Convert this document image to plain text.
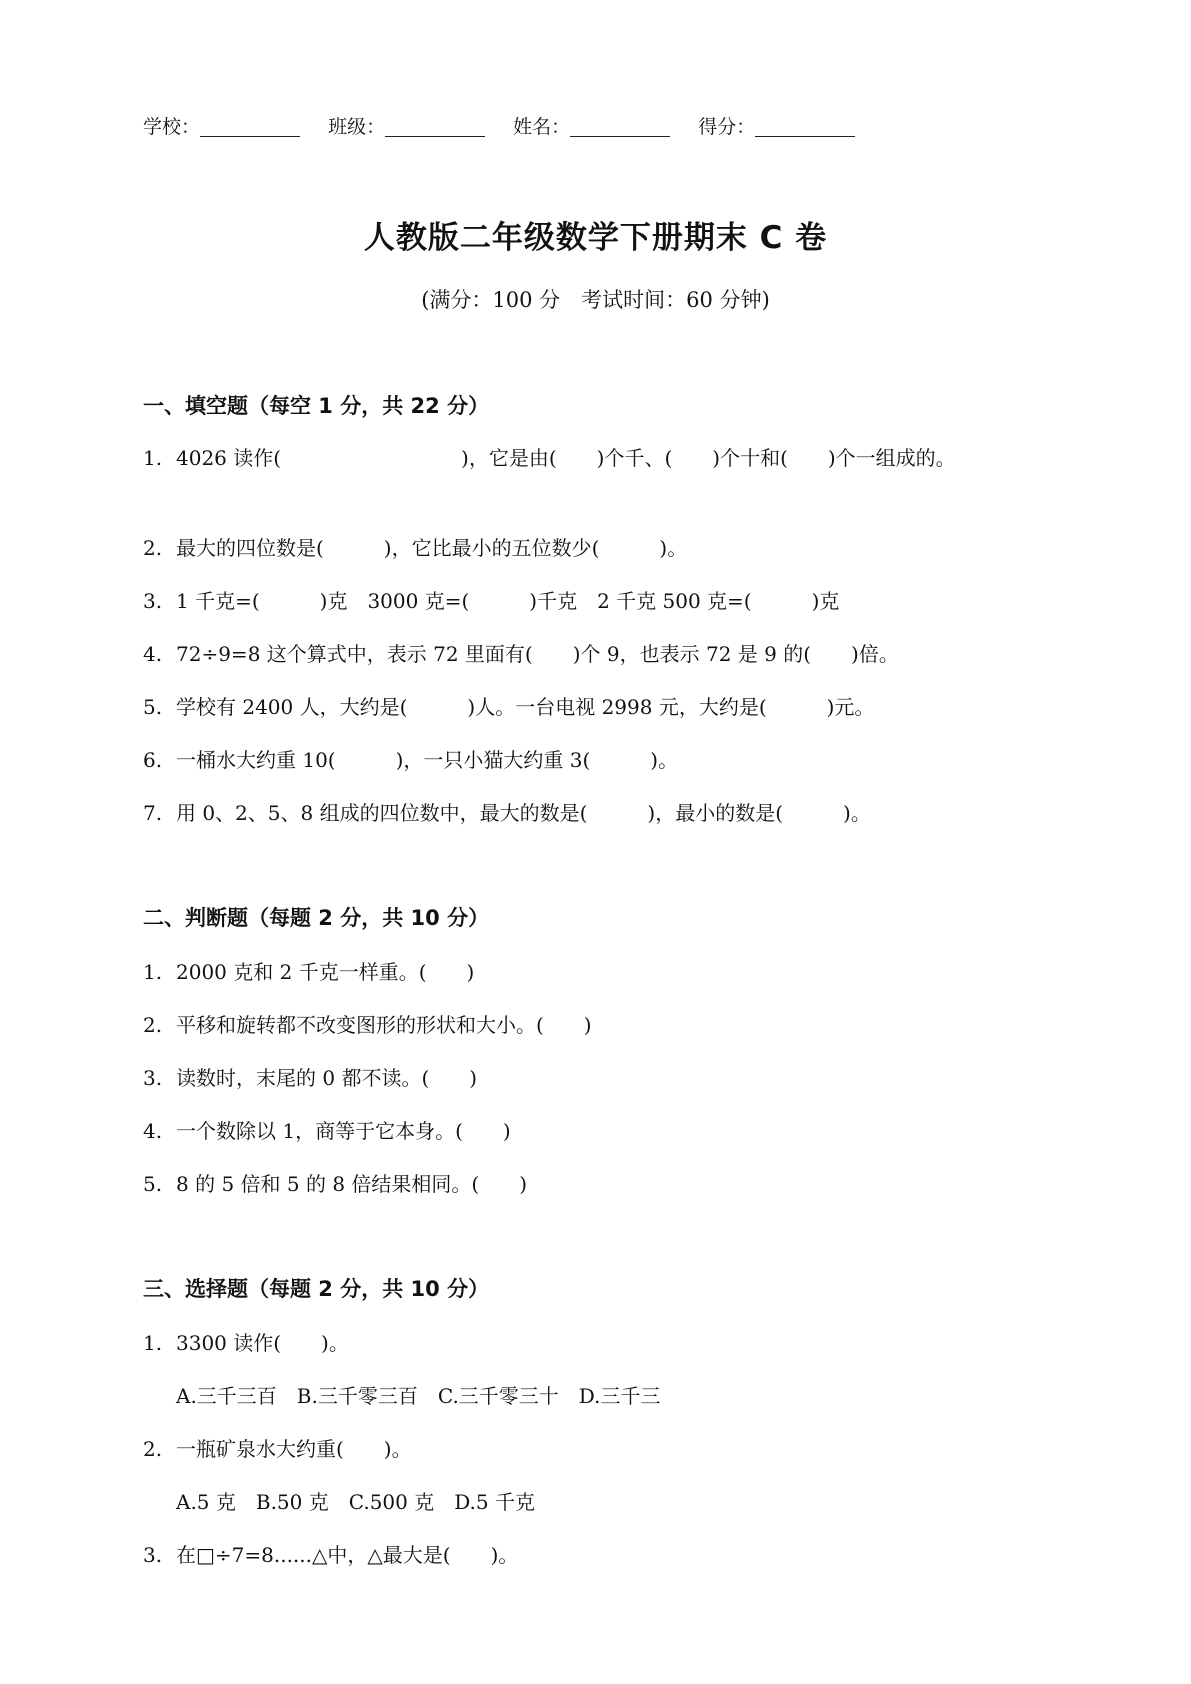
学校：	班级：	姓名：	得分：
人教版二年级数学下册期末 C 卷
(满分：100 分　考试时间：60 分钟)
一、填空题（每空 1 分，共 22 分）
1. 4026 读作(　　　　　　　　　)，它是由(　　)个千、(　　)个十和(　　)个一组成的。
2. 最大的四位数是(　　　)，它比最小的五位数少(　　　)。
3. 1 千克=(　　　)克　3000 克=(　　　)千克　2 千克 500 克=(　　　)克
4. 72÷9=8 这个算式中，表示 72 里面有(　　)个 9，也表示 72 是 9 的(　　)倍。
5. 学校有 2400 人，大约是(　　　)人。一台电视 2998 元，大约是(　　　)元。
6. 一桶水大约重 10(　　　)，一只小猫大约重 3(　　　)。
7. 用 0、2、5、8 组成的四位数中，最大的数是(　　　)，最小的数是(　　　)。
二、判断题（每题 2 分，共 10 分）
1. 2000 克和 2 千克一样重。(　　)
2. 平移和旋转都不改变图形的形状和大小。(　　)
3. 读数时，末尾的 0 都不读。(　　)
4. 一个数除以 1，商等于它本身。(　　)
5. 8 的 5 倍和 5 的 8 倍结果相同。(　　)
三、选择题（每题 2 分，共 10 分）
1. 3300 读作(　　)。
A.三千三百　B.三千零三百　C.三千零三十　D.三千三
2. 一瓶矿泉水大约重(　　)。
A.5 克　B.50 克　C.500 克　D.5 千克
3. 在□÷7=8......△中，△最大是(　　)。
